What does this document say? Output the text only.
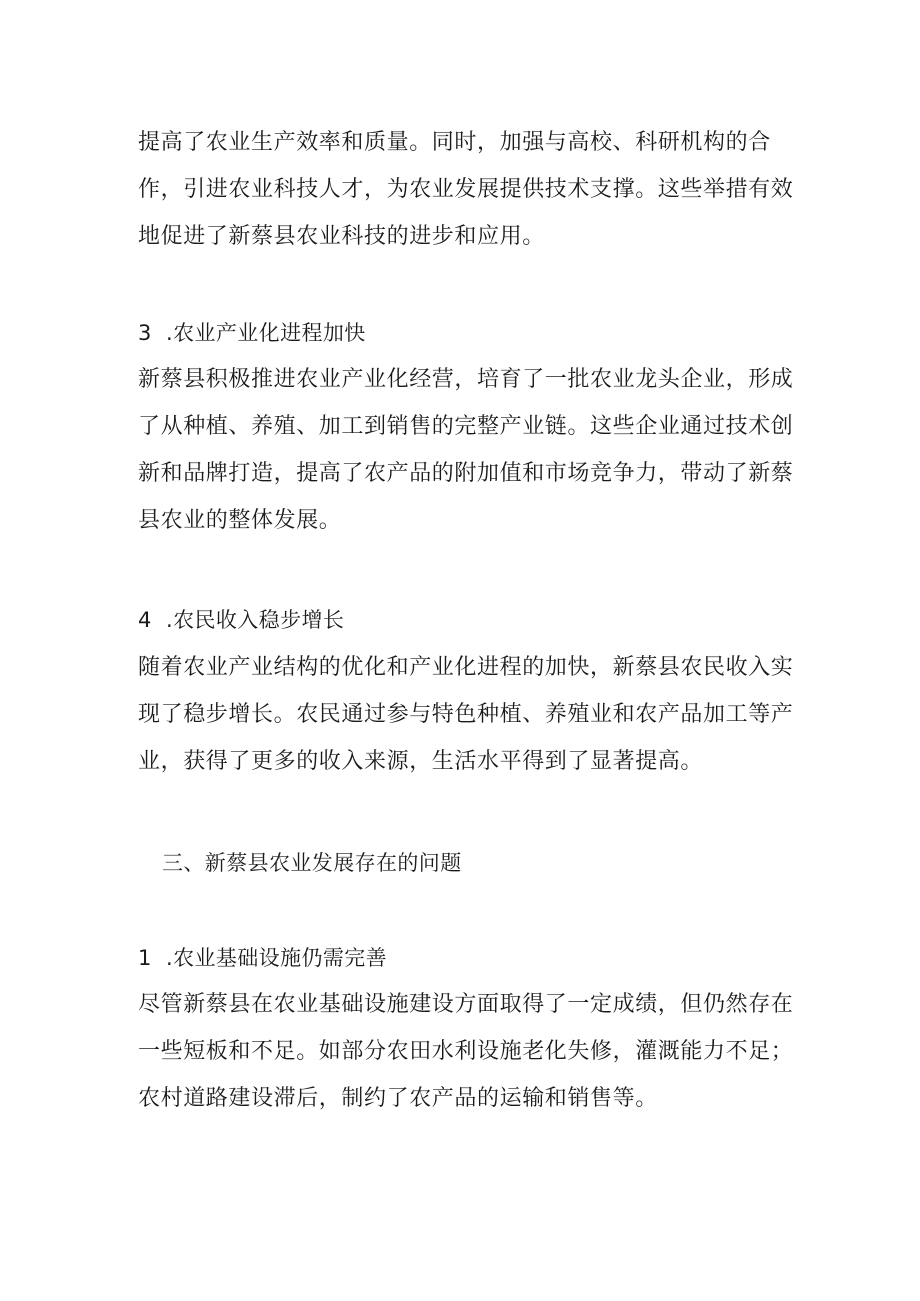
提高了农业生产效率和质量。同时，加强与高校、科研机构的合作，引进农业科技人才，为农业发展提供技术支撑。这些举措有效地促进了新蔡县农业科技的进步和应用。

3 .农业产业化进程加快

新蔡县积极推进农业产业化经营，培育了一批农业龙头企业，形成了从种植、养殖、加工到销售的完整产业链。这些企业通过技术创新和品牌打造，提高了农产品的附加值和市场竞争力，带动了新蔡县农业的整体发展。

4 .农民收入稳步增长

随着农业产业结构的优化和产业化进程的加快，新蔡县农民收入实现了稳步增长。农民通过参与特色种植、养殖业和农产品加工等产业，获得了更多的收入来源，生活水平得到了显著提高。

三、新蔡县农业发展存在的问题
1 .农业基础设施仍需完善

尽管新蔡县在农业基础设施建设方面取得了一定成绩，但仍然存在一些短板和不足。如部分农田水利设施老化失修，灌溉能力不足；农村道路建设滞后，制约了农产品的运输和销售等。
